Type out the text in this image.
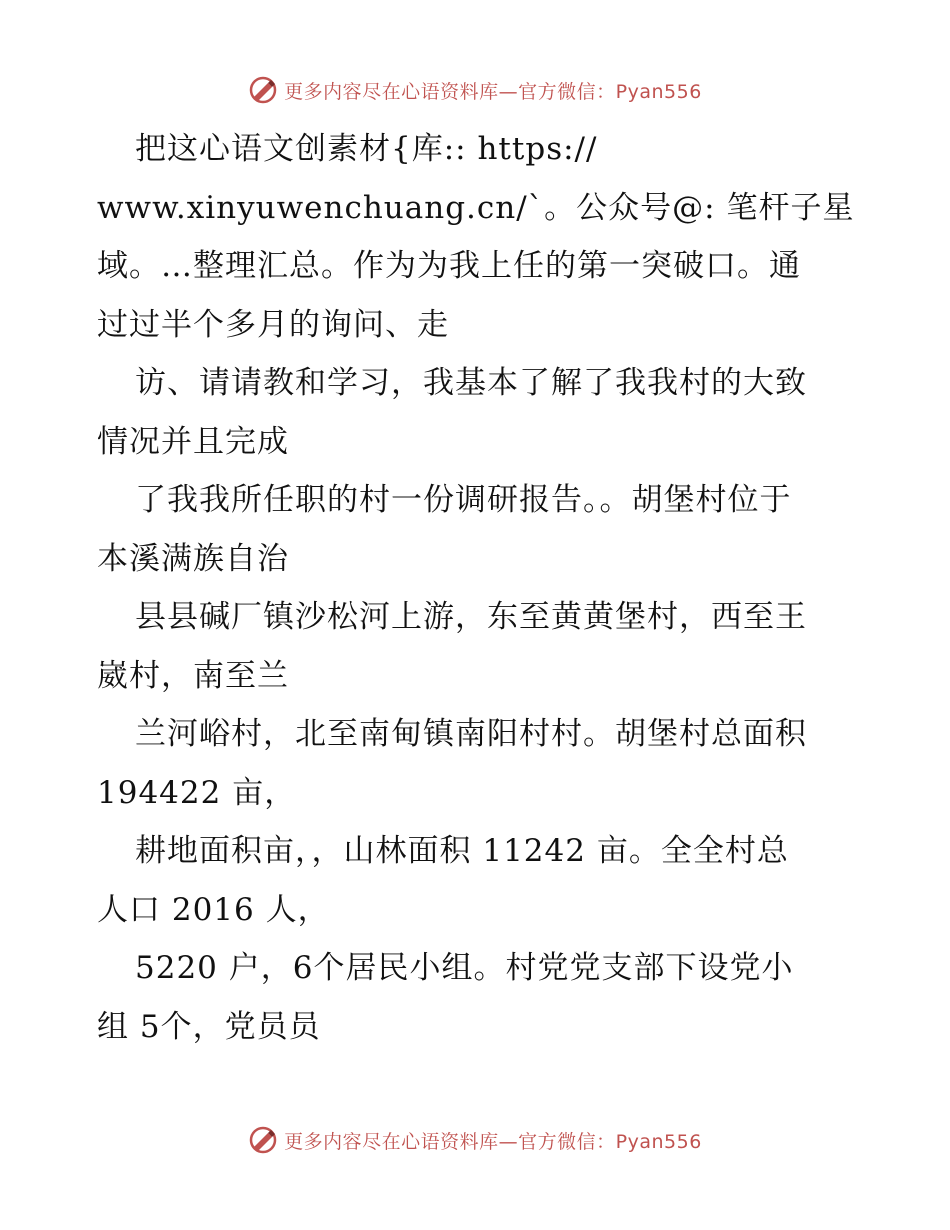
更多内容尽在心语资料库—官方微信：Pyan556
把这心语文创素材{库:: https://
www.xinyuwenchuang.cn/`。公众号@: 笔杆子星
域。…整理汇总。作为为我上任的第一突破口。通
过过半个多月的询问、走
访、请请教和学习，我基本了解了我我村的大致
情况并且完成
了我我所任职的村一份调研报告。。胡堡村位于
本溪满族自治
县县碱厂镇沙松河上游，东至黄黄堡村，西至王
崴村，南至兰
兰河峪村，北至南甸镇南阳村村。胡堡村总面积
194422 亩，
耕地面积亩，，山林面积 11242 亩。全全村总
人口 2016 人，
5220 户，6个居民小组。村党党支部下设党小
组 5个，党员员
更多内容尽在心语资料库—官方微信：Pyan556
